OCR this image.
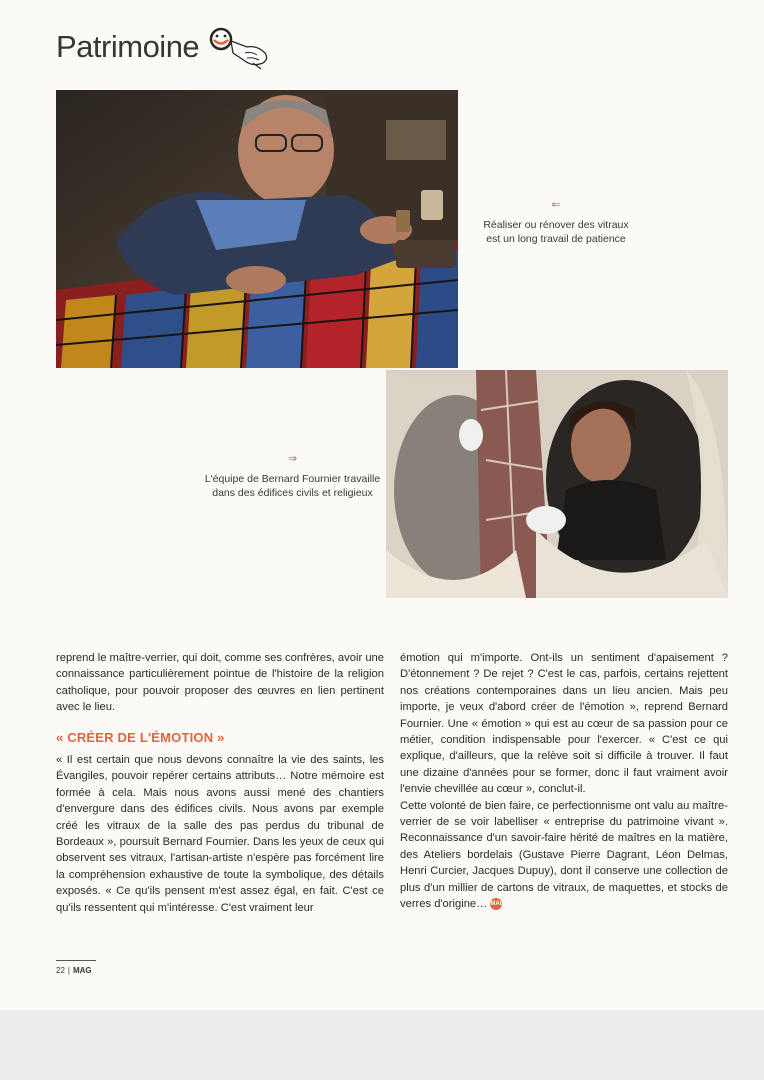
Patrimoine
⇐
Réaliser ou rénover des vitraux est un long travail de patience
⇒
L'équipe de Bernard Fournier travaille dans des édifices civils et religieux

reprend le maître-verrier, qui doit, comme ses confrères, avoir une connaissance particulièrement pointue de l'histoire de la religion catholique, pour pouvoir proposer des œuvres en lien pertinent avec le lieu.

« CRÉER DE L'ÉMOTION »

« Il est certain que nous devons connaître la vie des saints, les Évangiles, pouvoir repérer certains attributs… Notre mémoire est formée à cela. Mais nous avons aussi mené des chantiers d'envergure dans des édifices civils. Nous avons par exemple créé les vitraux de la salle des pas perdus du tribunal de Bordeaux », poursuit Bernard Fournier. Dans les yeux de ceux qui observent ses vitraux, l'artisan-artiste n'espère pas forcément lire la compréhension exhaustive de toute la symbolique, des détails exposés. « Ce qu'ils pensent m'est assez égal, en fait. C'est ce qu'ils ressentent qui m'intéresse. C'est vraiment leur

émotion qui m'importe. Ont-ils un sentiment d'apaisement ? D'étonnement ? De rejet ? C'est le cas, parfois, certains rejettent nos créations contemporaines dans un lieu ancien. Mais peu importe, je veux d'abord créer de l'émotion », reprend Bernard Fournier. Une « émotion » qui est au cœur de sa passion pour ce métier, condition indispensable pour l'exercer. « C'est ce qui explique, d'ailleurs, que la relève soit si difficile à trouver. Il faut une dizaine d'années pour se former, donc il faut vraiment avoir l'envie chevillée au cœur », conclut-il.

Cette volonté de bien faire, ce perfectionnisme ont valu au maître-verrier de se voir labelliser « entreprise du patrimoine vivant ». Reconnaissance d'un savoir-faire hérité de maîtres en la matière, des Ateliers bordelais (Gustave Pierre Dagrant, Léon Delmas, Henri Curcier, Jacques Dupuy), dont il conserve une collection de plus d'un millier de cartons de vitraux, de maquettes, et stocks de verres d'origine… MAG

22 | MAG
